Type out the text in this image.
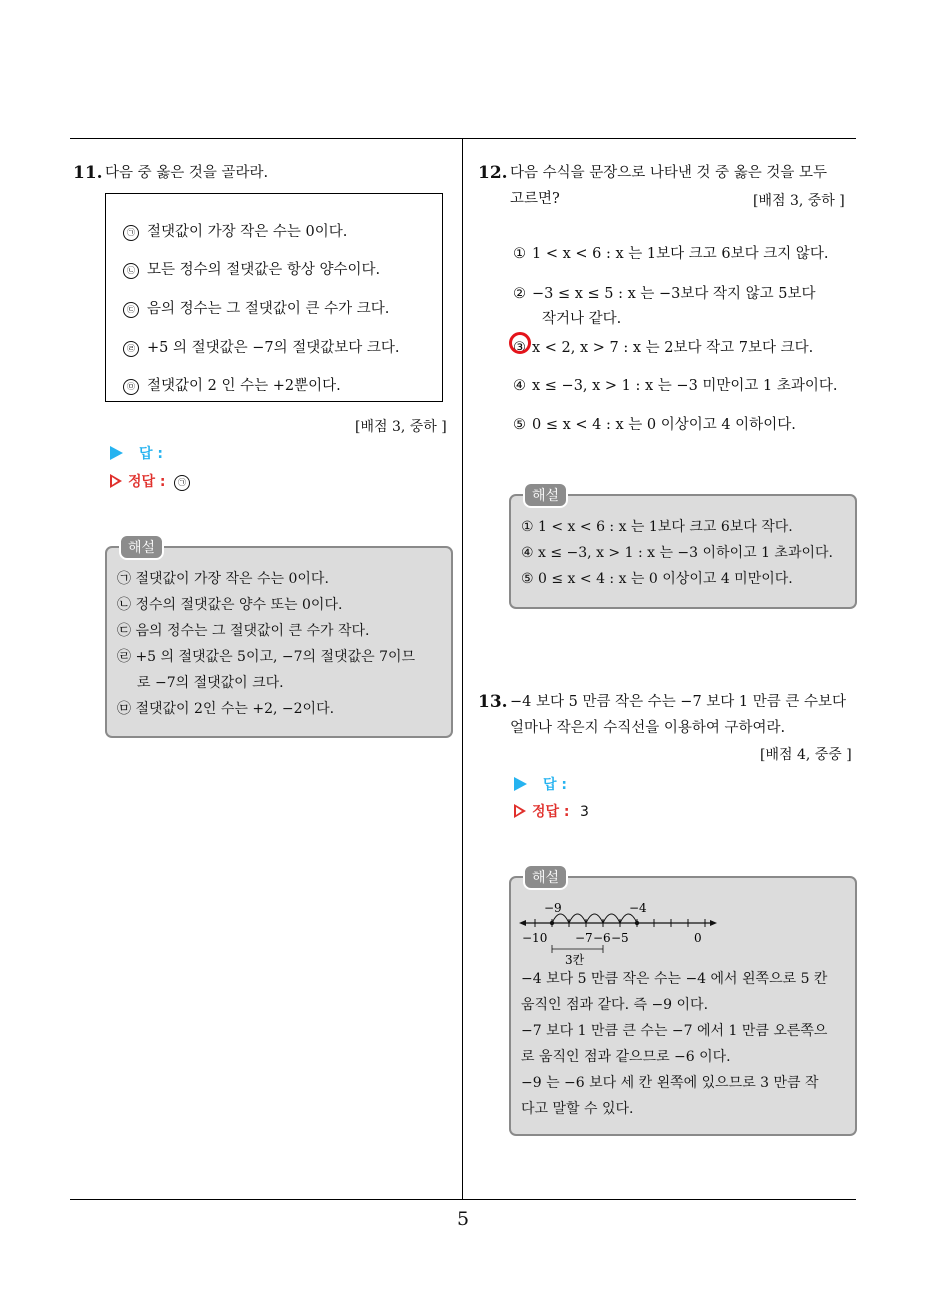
5
11. 다음 중 옳은 것을 골라라.
㉠ 절댓값이 가장 작은 수는 0이다.
㉡ 모든 정수의 절댓값은 항상 양수이다.
㉢ 음의 정수는 그 절댓값이 큰 수가 크다.
㉣ +5 의 절댓값은 −7의 절댓값보다 크다.
㉤ 절댓값이 2 인 수는 +2뿐이다.
[배점 3, 중하 ]
답 :
정답 : ㉠
해설
㉠ 절댓값이 가장 작은 수는 0이다.
㉡ 정수의 절댓값은 양수 또는 0이다.
㉢ 음의 정수는 그 절댓값이 큰 수가 작다.
㉣ +5 의 절댓값은 5이고, −7의 절댓값은 7이므
로 −7의 절댓값이 크다.
㉤ 절댓값이 2인 수는 +2, −2이다.
12. 다음 수식을 문장으로 나타낸 것 중 옳은 것을 모두
고르면?	[배점 3, 중하 ]
① 1 < x < 6 : x 는 1보다 크고 6보다 크지 않다.
② −3 ≤ x ≤ 5 : x 는 −3보다 작지 않고 5보다
작거나 같다.
③ x < 2, x > 7 : x 는 2보다 작고 7보다 크다.
④ x ≤ −3, x > 1 : x 는 −3 미만이고 1 초과이다.
⑤ 0 ≤ x < 4 : x 는 0 이상이고 4 이하이다.
해설
① 1 < x < 6 : x 는 1보다 크고 6보다 작다.
④ x ≤ −3, x > 1 : x 는 −3 이하이고 1 초과이다.
⑤ 0 ≤ x < 4 : x 는 0 이상이고 4 미만이다.
13. −4 보다 5 만큼 작은 수는 −7 보다 1 만큼 큰 수보다
얼마나 작은지 수직선을 이용하여 구하여라.
[배점 4, 중중 ]
답 :
정답 : 3
해설
−9	−4
−10 −7 −6 −5	0
3칸
−4 보다 5 만큼 작은 수는 −4 에서 왼쪽으로 5 칸
움직인 점과 같다. 즉 −9 이다.
−7 보다 1 만큼 큰 수는 −7 에서 1 만큼 오른쪽으
로 움직인 점과 같으므로 −6 이다.
−9 는 −6 보다 세 칸 왼쪽에 있으므로 3 만큼 작
다고 말할 수 있다.
